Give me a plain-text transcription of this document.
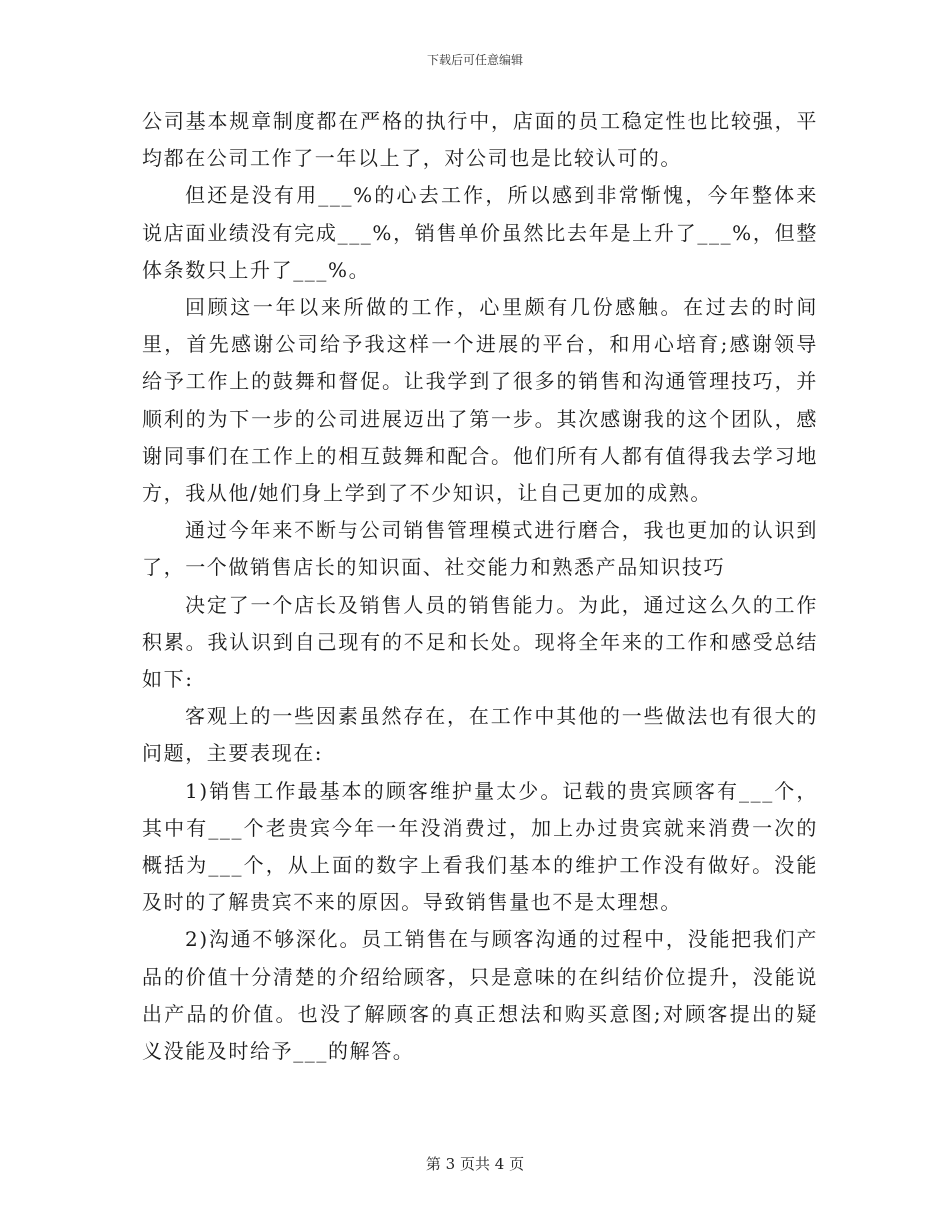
下载后可任意编辑

公司基本规章制度都在严格的执行中，店面的员工稳定性也比较强，平均都在公司工作了一年以上了，对公司也是比较认可的。

但还是没有用___%的心去工作，所以感到非常惭愧，今年整体来说店面业绩没有完成___%，销售单价虽然比去年是上升了___%，但整体条数只上升了___%。

回顾这一年以来所做的工作，心里颇有几份感触。在过去的时间里，首先感谢公司给予我这样一个进展的平台，和用心培育;感谢领导给予工作上的鼓舞和督促。让我学到了很多的销售和沟通管理技巧，并顺利的为下一步的公司进展迈出了第一步。其次感谢我的这个团队，感谢同事们在工作上的相互鼓舞和配合。他们所有人都有值得我去学习地方，我从他/她们身上学到了不少知识，让自己更加的成熟。

通过今年来不断与公司销售管理模式进行磨合，我也更加的认识到了，一个做销售店长的知识面、社交能力和熟悉产品知识技巧

决定了一个店长及销售人员的销售能力。为此，通过这么久的工作积累。我认识到自己现有的不足和长处。现将全年来的工作和感受总结如下:

客观上的一些因素虽然存在，在工作中其他的一些做法也有很大的问题，主要表现在:

1)销售工作最基本的顾客维护量太少。记载的贵宾顾客有___个，其中有___个老贵宾今年一年没消费过，加上办过贵宾就来消费一次的概括为___个，从上面的数字上看我们基本的维护工作没有做好。没能及时的了解贵宾不来的原因。导致销售量也不是太理想。

2)沟通不够深化。员工销售在与顾客沟通的过程中，没能把我们产品的价值十分清楚的介绍给顾客，只是意味的在纠结价位提升，没能说出产品的价值。也没了解顾客的真正想法和购买意图;对顾客提出的疑义没能及时给予___的解答。

第 3 页共 4 页
